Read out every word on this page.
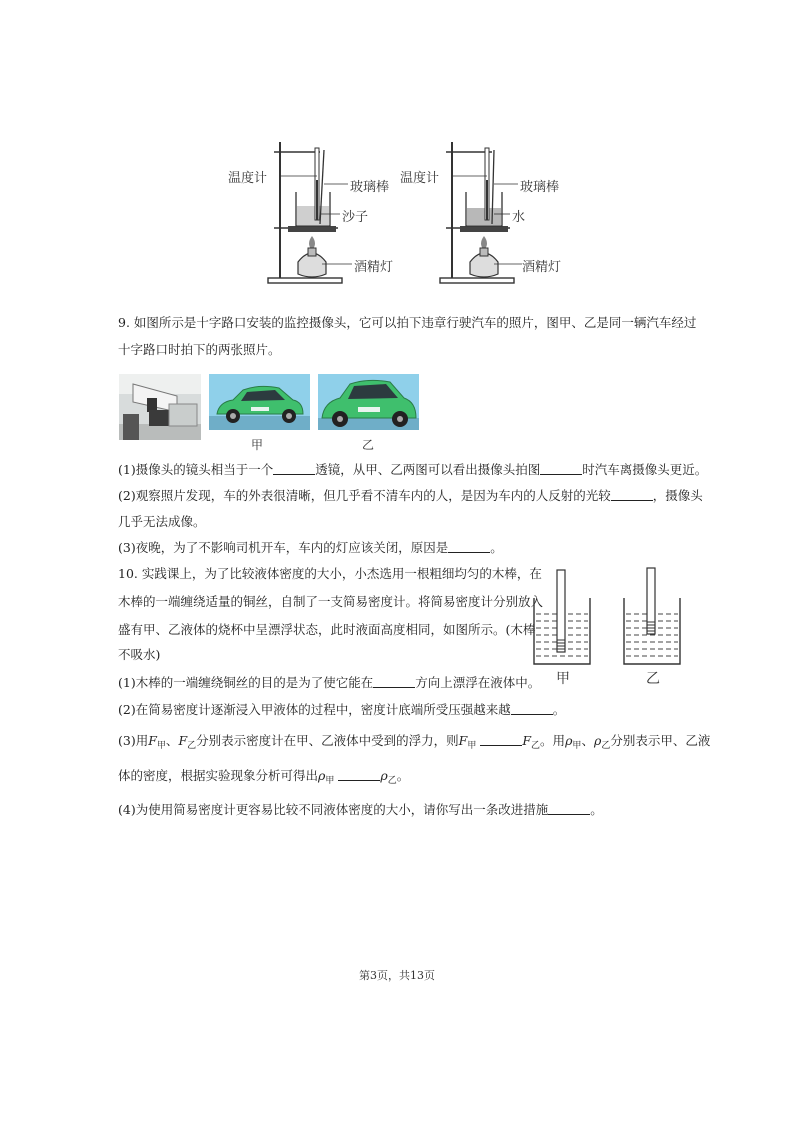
温度计
玻璃棒
沙子
酒精灯
温度计
玻璃棒
水
酒精灯
9. 如图所示是十字路口安装的监控摄像头，它可以拍下违章行驶汽车的照片，图甲、乙是同一辆汽车经过
十字路口时拍下的两张照片。
甲	乙
(1)摄像头的镜头相当于一个	透镜，从甲、乙两图可以看出摄像头拍图	时汽车离摄像头更近。
(2)观察照片发现，车的外表很清晰，但几乎看不清车内的人，是因为车内的人反射的光较	，摄像头
几乎无法成像。
(3)夜晚，为了不影响司机开车，车内的灯应该关闭，原因是	。
10. 实践课上，为了比较液体密度的大小，小杰选用一根粗细均匀的木棒，在
木棒的一端缠绕适量的铜丝，自制了一支简易密度计。将简易密度计分别放入
盛有甲、乙液体的烧杯中呈漂浮状态，此时液面高度相同，如图所示。(木棒
不吸水)
甲	乙
(1)木棒的一端缠绕铜丝的目的是为了使它能在	方向上漂浮在液体中。
(2)在简易密度计逐渐浸入甲液体的过程中，密度计底端所受压强越来越	。
(3)用$F_甲$、$F_乙$分别表示密度计在甲、乙液体中受到的浮力，则$F_甲$	$F_乙$。用$\rho_甲$、$\rho_乙$分别表示甲、乙液
体的密度，根据实验现象分析可得出$\rho_甲$	$\rho_乙$。
(4)为使用简易密度计更容易比较不同液体密度的大小，请你写出一条改进措施	。
第3页，共13页
